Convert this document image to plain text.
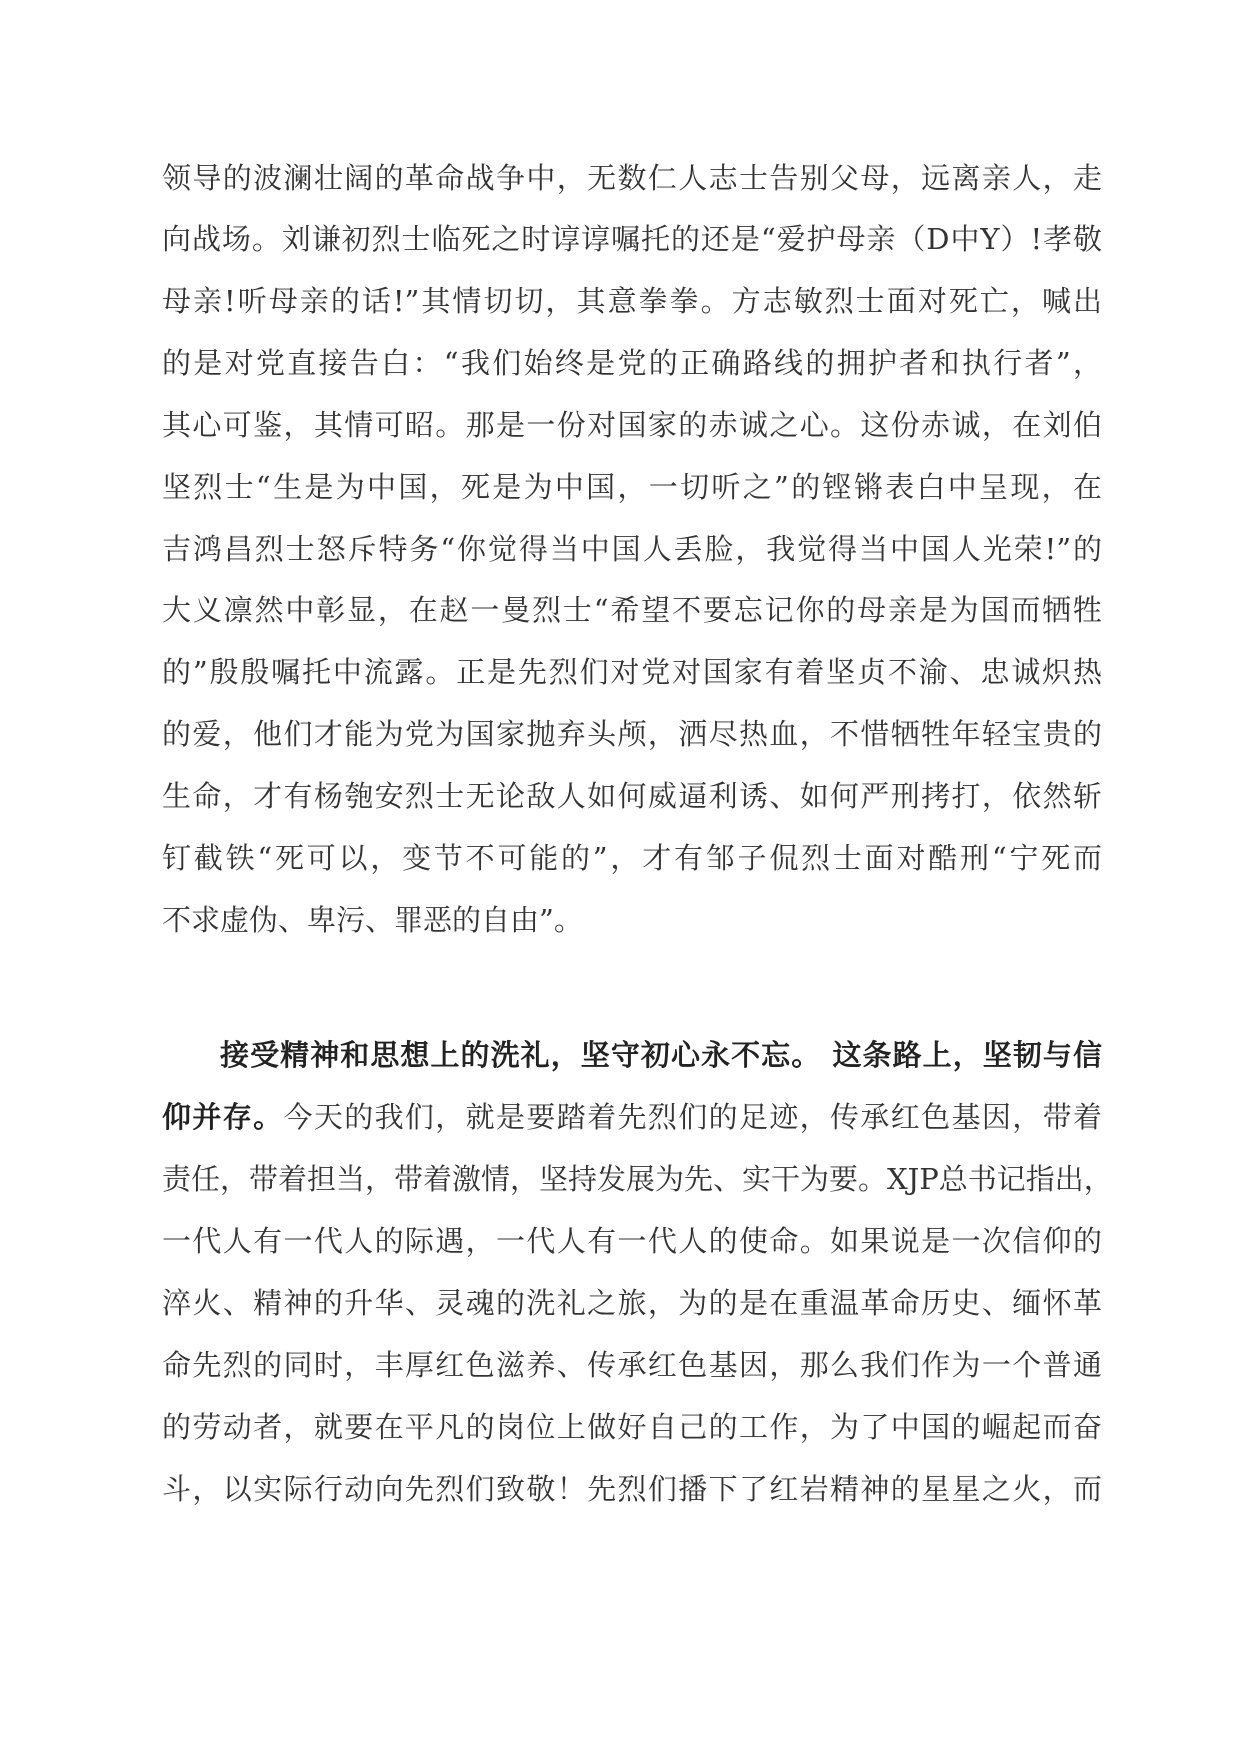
领导的波澜壮阔的革命战争中，无数仁人志士告别父母，远离亲人，走
向战场。刘谦初烈士临死之时谆谆嘱托的还是“爱护母亲（D中Y）!孝敬
母亲!听母亲的话!”其情切切，其意拳拳。方志敏烈士面对死亡，喊出
的是对党直接告白：“我们始终是党的正确路线的拥护者和执行者”，
其心可鉴，其情可昭。那是一份对国家的赤诚之心。这份赤诚，在刘伯
坚烈士“生是为中国，死是为中国，一切听之”的铿锵表白中呈现，在
吉鸿昌烈士怒斥特务“你觉得当中国人丢脸，我觉得当中国人光荣!”的
大义凛然中彰显，在赵一曼烈士“希望不要忘记你的母亲是为国而牺牲
的”殷殷嘱托中流露。正是先烈们对党对国家有着坚贞不渝、忠诚炽热
的爱，他们才能为党为国家抛弃头颅，洒尽热血，不惜牺牲年轻宝贵的
生命，才有杨匏安烈士无论敌人如何威逼利诱、如何严刑拷打，依然斩
钉截铁“死可以，变节不可能的”，才有邹子侃烈士面对酷刑“宁死而
不求虚伪、卑污、罪恶的自由”。
接受精神和思想上的洗礼，坚守初心永不忘。 这条路上，坚韧与信
仰并存。今天的我们，就是要踏着先烈们的足迹，传承红色基因，带着
责任，带着担当，带着激情，坚持发展为先、实干为要。XJP总书记指出，
一代人有一代人的际遇，一代人有一代人的使命。如果说是一次信仰的
淬火、精神的升华、灵魂的洗礼之旅，为的是在重温革命历史、缅怀革
命先烈的同时，丰厚红色滋养、传承红色基因，那么我们作为一个普通
的劳动者，就要在平凡的岗位上做好自己的工作，为了中国的崛起而奋
斗，以实际行动向先烈们致敬！先烈们播下了红岩精神的星星之火，而
